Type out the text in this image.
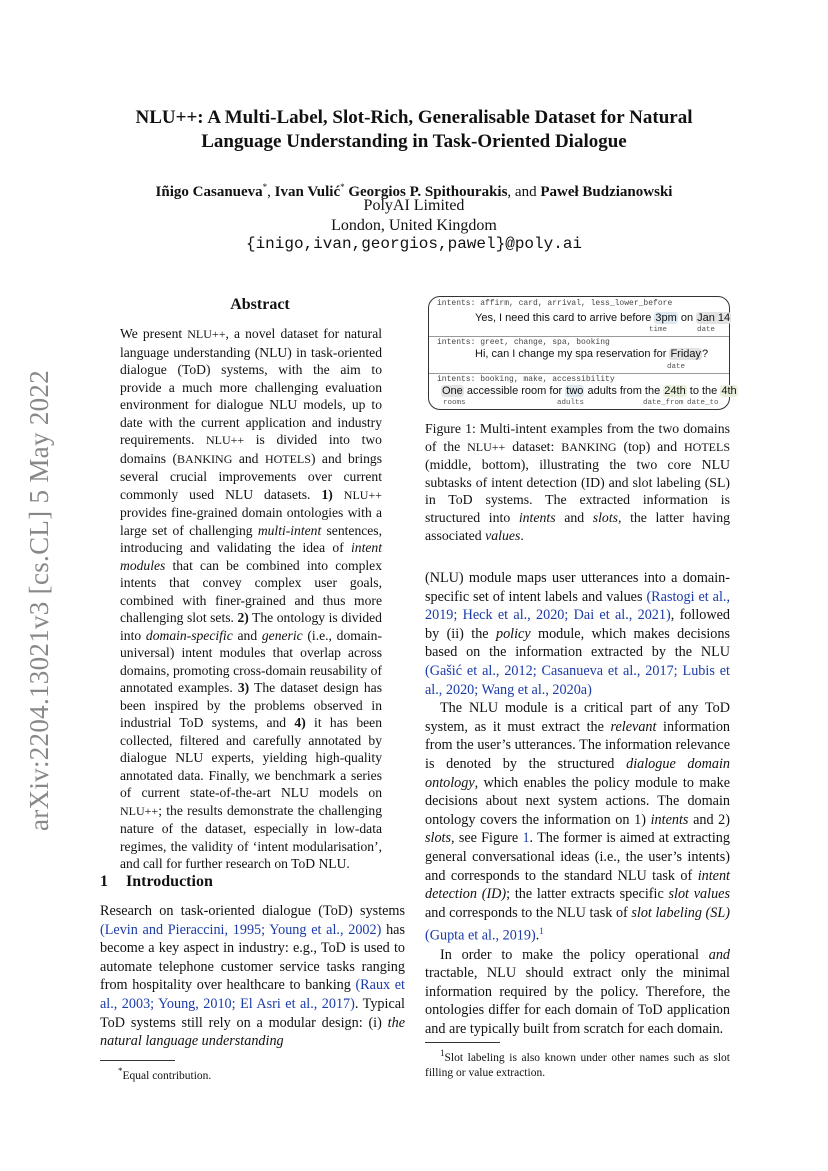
arXiv:2204.13021v3 [cs.CL] 5 May 2022
NLU++: A Multi-Label, Slot-Rich, Generalisable Dataset for Natural
Language Understanding in Task-Oriented Dialogue
Iñigo Casanueva*, Ivan Vulić* Georgios P. Spithourakis, and Paweł Budzianowski
PolyAI Limited
London, United Kingdom
{inigo,ivan,georgios,pawel}@poly.ai
Abstract
We present NLU++, a novel dataset for natural language understanding (NLU) in task-oriented dialogue (ToD) systems, with the aim to provide a much more challenging evaluation environment for dialogue NLU models, up to date with the current application and industry requirements. NLU++ is divided into two domains (BANKING and HOTELS) and brings several crucial improvements over current commonly used NLU datasets. 1) NLU++ provides fine-grained domain ontologies with a large set of challenging multi-intent sentences, introducing and validating the idea of intent modules that can be combined into complex intents that convey complex user goals, combined with finer-grained and thus more challenging slot sets. 2) The ontology is divided into domain-specific and generic (i.e., domain-universal) intent modules that overlap across domains, promoting cross-domain reusability of annotated examples. 3) The dataset design has been inspired by the problems observed in industrial ToD systems, and 4) it has been collected, filtered and carefully annotated by dialogue NLU experts, yielding high-quality annotated data. Finally, we benchmark a series of current state-of-the-art NLU models on NLU++; the results demonstrate the challenging nature of the dataset, especially in low-data regimes, the validity of ‘intent modularisation’, and call for further research on ToD NLU.
1 Introduction
Research on task-oriented dialogue (ToD) systems (Levin and Pieraccini, 1995; Young et al., 2002) has become a key aspect in industry: e.g., ToD is used to automate telephone customer service tasks ranging from hospitality over healthcare to banking (Raux et al., 2003; Young, 2010; El Asri et al., 2017). Typical ToD systems still rely on a modular design: (i) the natural language understanding
*Equal contribution.
intents: affirm, card, arrival, less_lower_before
Yes, I need this card to arrive before 3pm on Jan 14
time	date
intents: greet, change, spa, booking
Hi, can I change my spa reservation for Friday?
date
intents: booking, make, accessibility
One accessible room for two adults from the 24th to the 4th
rooms	adults	date_from date_to
Figure 1: Multi-intent examples from the two domains of the NLU++ dataset: BANKING (top) and HOTELS (middle, bottom), illustrating the two core NLU subtasks of intent detection (ID) and slot labeling (SL) in ToD systems. The extracted information is structured into intents and slots, the latter having associated values.
(NLU) module maps user utterances into a domain-specific set of intent labels and values (Rastogi et al., 2019; Heck et al., 2020; Dai et al., 2021), followed by (ii) the policy module, which makes decisions based on the information extracted by the NLU (Gašić et al., 2012; Casanueva et al., 2017; Lubis et al., 2020; Wang et al., 2020a)
The NLU module is a critical part of any ToD system, as it must extract the relevant information from the user’s utterances. The information relevance is denoted by the structured dialogue domain ontology, which enables the policy module to make decisions about next system actions. The domain ontology covers the information on 1) intents and 2) slots, see Figure 1. The former is aimed at extracting general conversational ideas (i.e., the user’s intents) and corresponds to the standard NLU task of intent detection (ID); the latter extracts specific slot values and corresponds to the NLU task of slot labeling (SL) (Gupta et al., 2019).$^1$
In order to make the policy operational and tractable, NLU should extract only the minimal information required by the policy. Therefore, the ontologies differ for each domain of ToD application and are typically built from scratch for each domain.
$^1$Slot labeling is also known under other names such as slot filling or value extraction.
